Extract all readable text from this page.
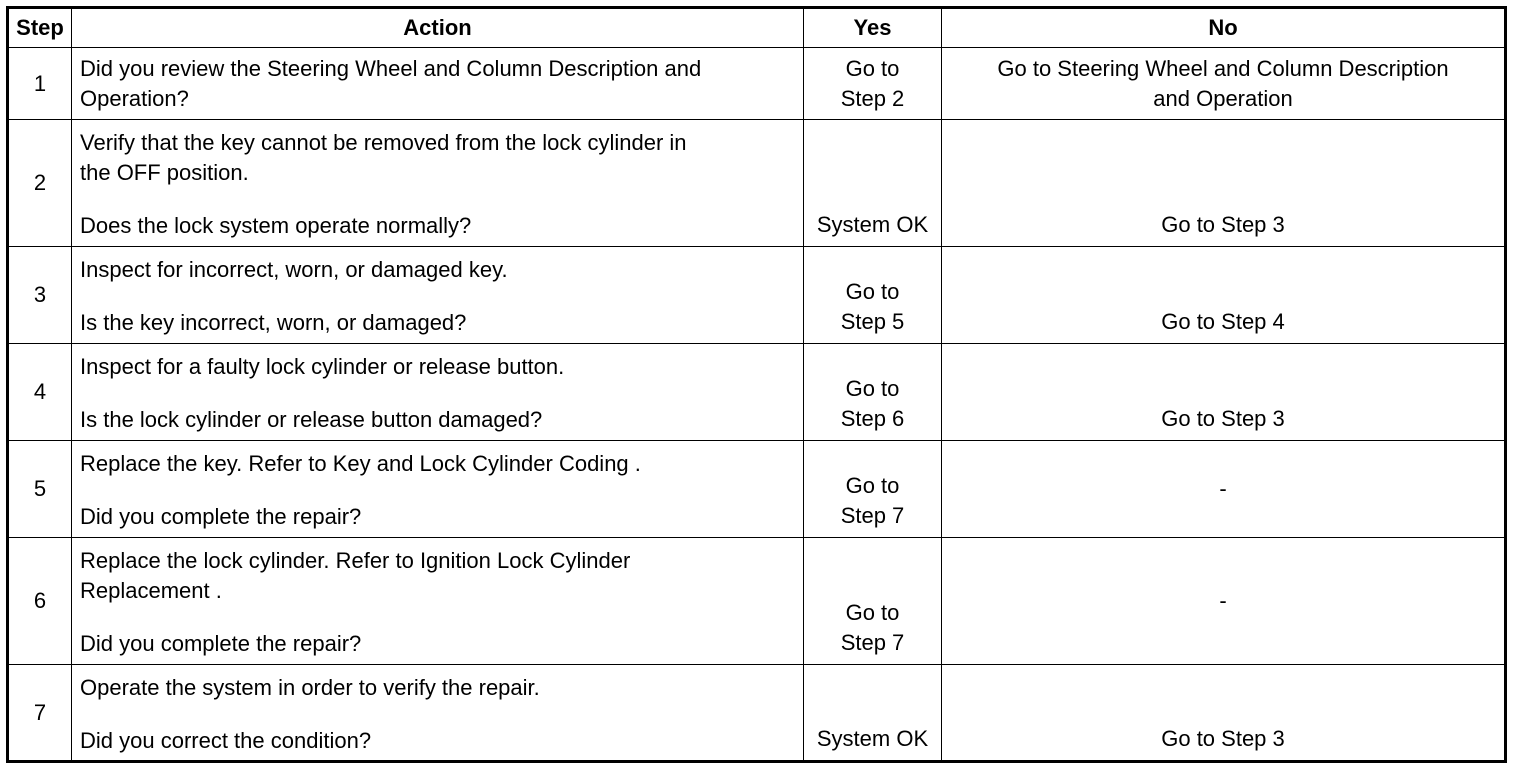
Step	Action	Yes	No
1	Did you review the Steering Wheel and Column Description and
Operation?	Go to
Step 2	Go to Steering Wheel and Column Description
and Operation

2	Verify that the key cannot be removed from the lock cylinder in
the OFF position.
Does the lock system operate normally?	System OK	Go to Step 3

3	Inspect for incorrect, worn, or damaged key.
Is the key incorrect, worn, or damaged?	Go to
Step 5	Go to Step 4

4	Inspect for a faulty lock cylinder or release button.
Is the lock cylinder or release button damaged?	Go to
Step 6	Go to Step 3

5	Replace the key. Refer to Key and Lock Cylinder Coding .
Did you complete the repair?	Go to
Step 7	-

6	Replace the lock cylinder. Refer to Ignition Lock Cylinder
Replacement .
Did you complete the repair?	Go to
Step 7	-

7	Operate the system in order to verify the repair.
Did you correct the condition?	System OK	Go to Step 3
